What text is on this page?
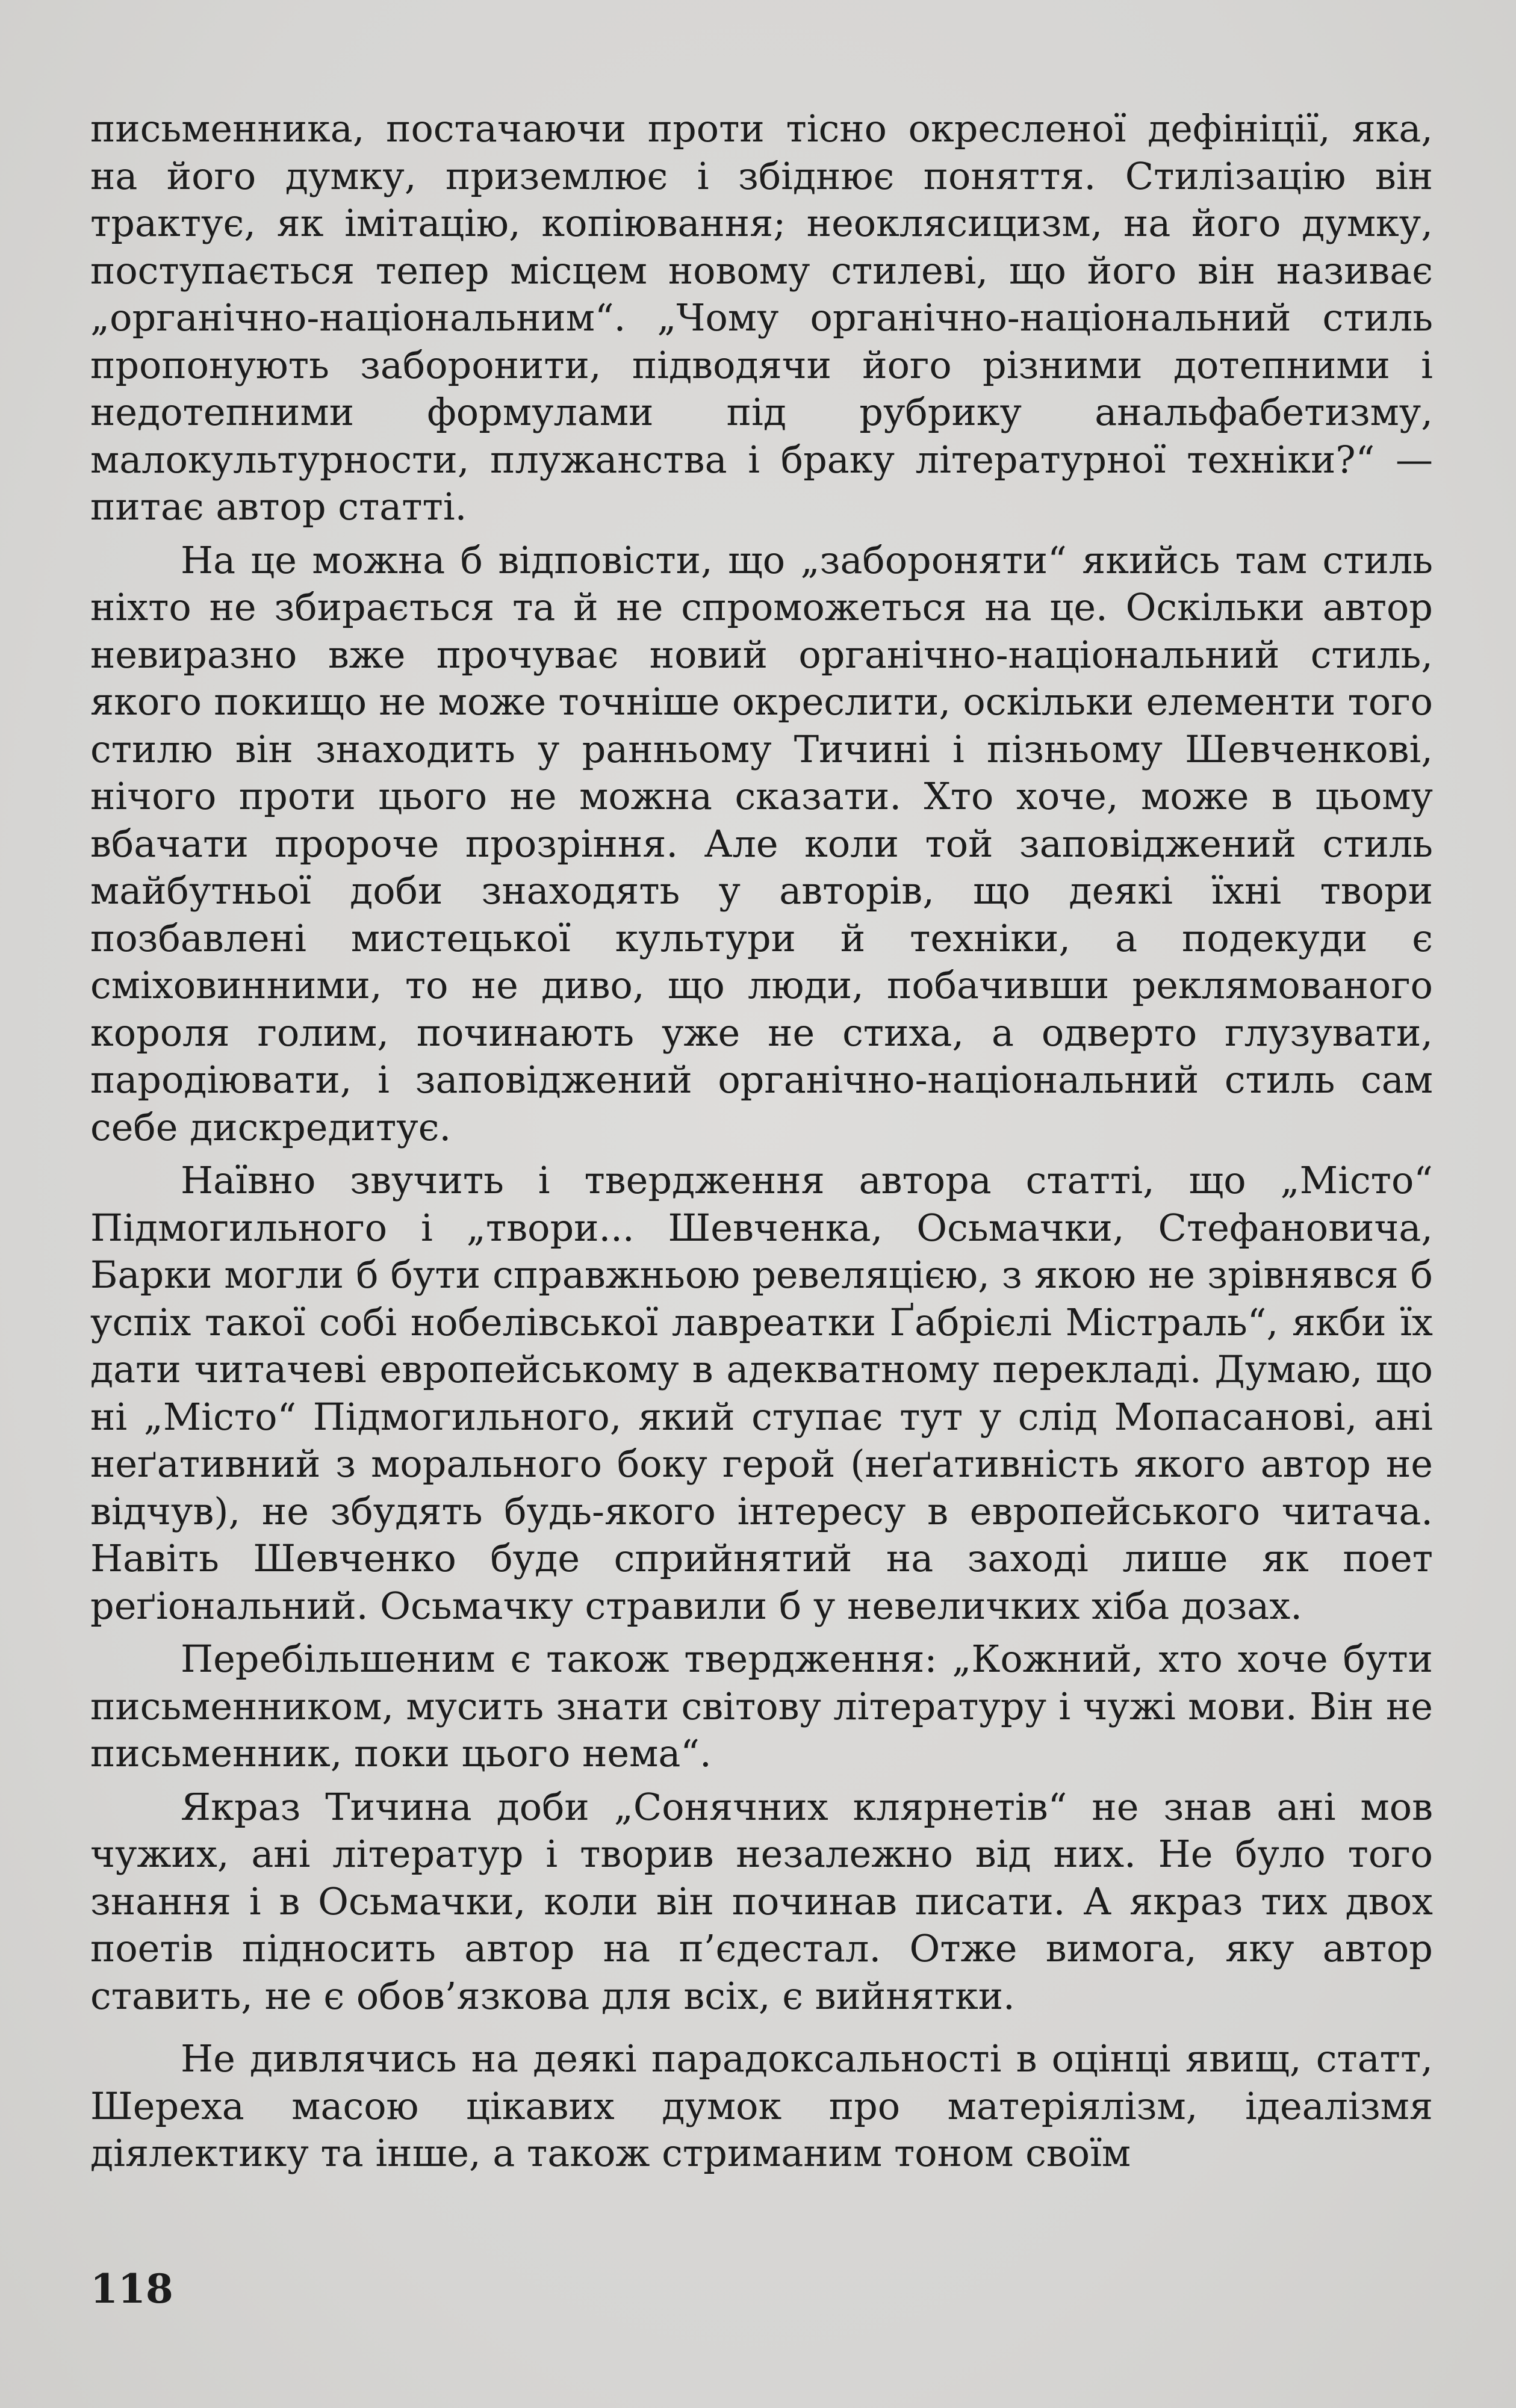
письменника, постачаючи проти тісно окресленої дефініції, яка, на його думку, приземлює і збіднює поняття. Стилізацію він трактує, як імітацію, копіювання; неоклясицизм, на його думку, поступається тепер місцем новому стилеві, що його він називає „органічно-національним“. „Чому органічно-національний стиль пропонують заборонити, підводячи його різними дотепними і недотепними формулами під рубрику анальфабетизму, малокультурности, плужанства і браку літературної техніки?“ — питає автор статті.

На це можна б відповісти, що „забороняти“ якийсь там стиль ніхто не збирається та й не спроможеться на це. Оскільки автор невиразно вже прочуває новий органічно-національний стиль, якого покищо не може точніше окреслити, оскільки елементи того стилю він знаходить у ранньому Тичині і пізньому Шевченкові, нічого проти цього не можна сказати. Хто хоче, може в цьому вбачати пророче прозріння. Але коли той заповіджений стиль майбутньої доби знаходять у авторів, що деякі їхні твори позбавлені мистецької культури й техніки, а подекуди є сміховинними, то не диво, що люди, побачивши реклямованого короля голим, починають уже не стиха, а одверто глузувати, пародіювати, і заповіджений органічно-національний стиль сам себе дискредитує.

Наївно звучить і твердження автора статті, що „Місто“ Підмогильного і „твори... Шевченка, Осьмачки, Стефановича, Барки могли б бути справжньою ревеляцією, з якою не зрівнявся б успіх такої собі нобелівської лавреатки Ґабрієлі Містраль“, якби їх дати читачеві европейському в адекватному перекладі. Думаю, що ні „Місто“ Підмогильного, який ступає тут у слід Мопасанові, ані неґативний з морального боку герой (неґативність якого автор не відчув), не збудять будь-якого інтересу в европейського читача. Навіть Шевченко буде сприйнятий на заході лише як поет реґіональний. Осьмачку стравили б у невеличких хіба дозах.

Перебільшеним є також твердження: „Кожний, хто хоче бути письменником, мусить знати світову літературу і чужі мови. Він не письменник, поки цього нема“.

Якраз Тичина доби „Сонячних клярнетів“ не знав ані мов чужих, ані літератур і творив незалежно від них. Не було того знання і в Осьмачки, коли він починав писати. А якраз тих двох поетів підносить автор на п’єдестал. Отже вимога, яку автор ставить, не є обов’язкова для всіх, є вийнятки.

Не дивлячись на деякі парадоксальності в оцінці явищ, статт, Шереха масою цікавих думок про матеріялізм, ідеалізмя діялектику та інше, а також стриманим тоном своїм

118
